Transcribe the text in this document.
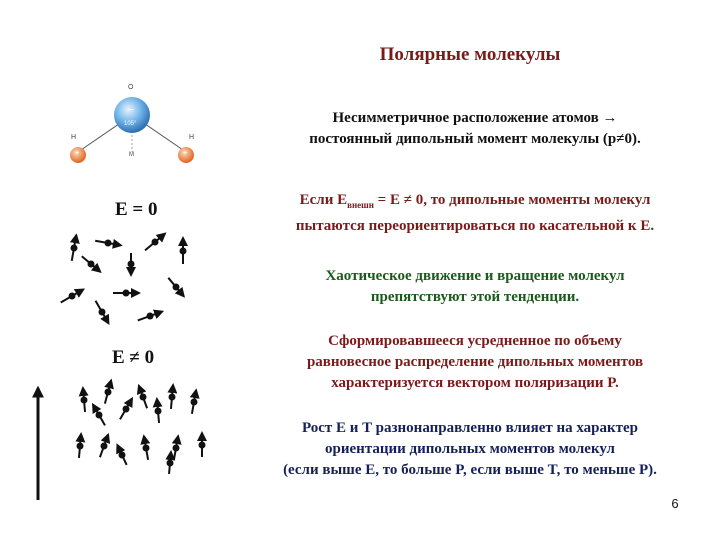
O
H	H
–
105°
+	+
M
Полярные молекулы
Несимметричное расположение атомов →
постоянный дипольный момент молекулы (p≠0).
Если $E_{внешн} = E \ne 0$, то дипольные моменты молекул
пытаются переориентироваться по касательной к E.
Хаотическое движение и вращение молекул
препятствуют этой тенденции.
Сформировавшееся усредненное по объему
равновесное распределение дипольных моментов
характеризуется вектором поляризации P.
Рост E и T разнонаправленно влияет на характер
ориентации дипольных моментов молекул
(если выше E, то больше P, если выше T, то меньше P).
E = 0
E ≠ 0
6
